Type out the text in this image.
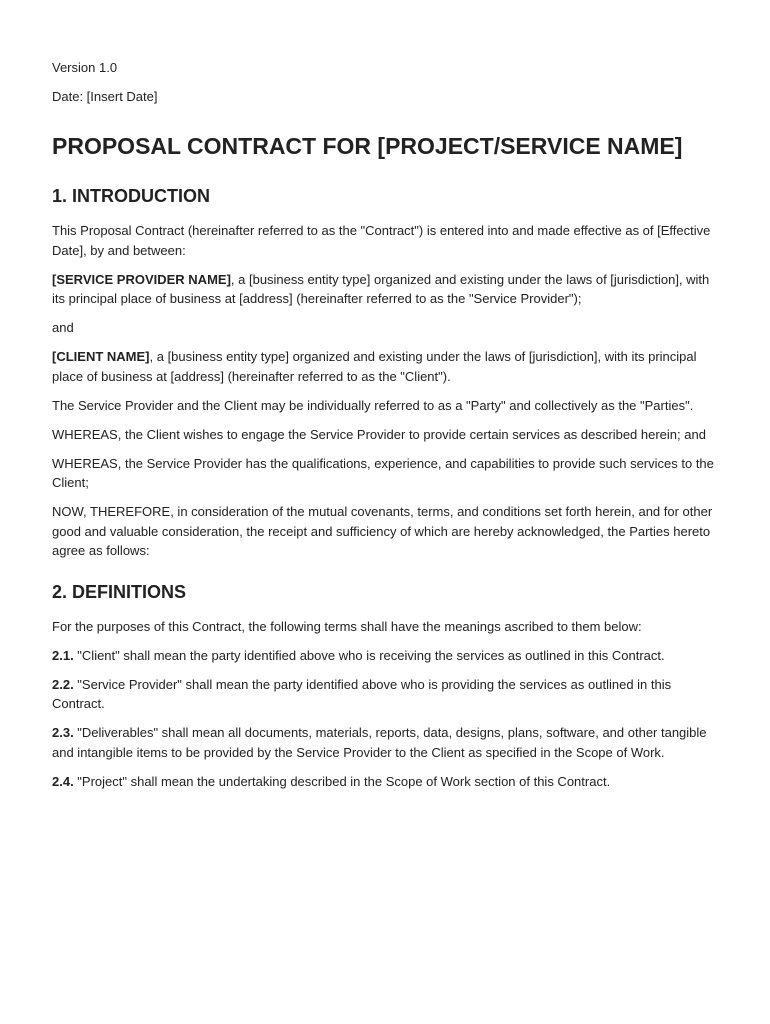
Version 1.0

Date: [Insert Date]

PROPOSAL CONTRACT FOR [PROJECT/SERVICE NAME]
1. INTRODUCTION

This Proposal Contract (hereinafter referred to as the "Contract") is entered into and made effective as of [Effective Date], by and between:

[SERVICE PROVIDER NAME], a [business entity type] organized and existing under the laws of [jurisdiction], with its principal place of business at [address] (hereinafter referred to as the "Service Provider");

and

[CLIENT NAME], a [business entity type] organized and existing under the laws of [jurisdiction], with its principal place of business at [address] (hereinafter referred to as the "Client").

The Service Provider and the Client may be individually referred to as a "Party" and collectively as the "Parties".

WHEREAS, the Client wishes to engage the Service Provider to provide certain services as described herein; and

WHEREAS, the Service Provider has the qualifications, experience, and capabilities to provide such services to the Client;

NOW, THEREFORE, in consideration of the mutual covenants, terms, and conditions set forth herein, and for other good and valuable consideration, the receipt and sufficiency of which are hereby acknowledged, the Parties hereto agree as follows:

2. DEFINITIONS

For the purposes of this Contract, the following terms shall have the meanings ascribed to them below:

2.1. "Client" shall mean the party identified above who is receiving the services as outlined in this Contract.

2.2. "Service Provider" shall mean the party identified above who is providing the services as outlined in this Contract.

2.3. "Deliverables" shall mean all documents, materials, reports, data, designs, plans, software, and other tangible and intangible items to be provided by the Service Provider to the Client as specified in the Scope of Work.

2.4. "Project" shall mean the undertaking described in the Scope of Work section of this Contract.
